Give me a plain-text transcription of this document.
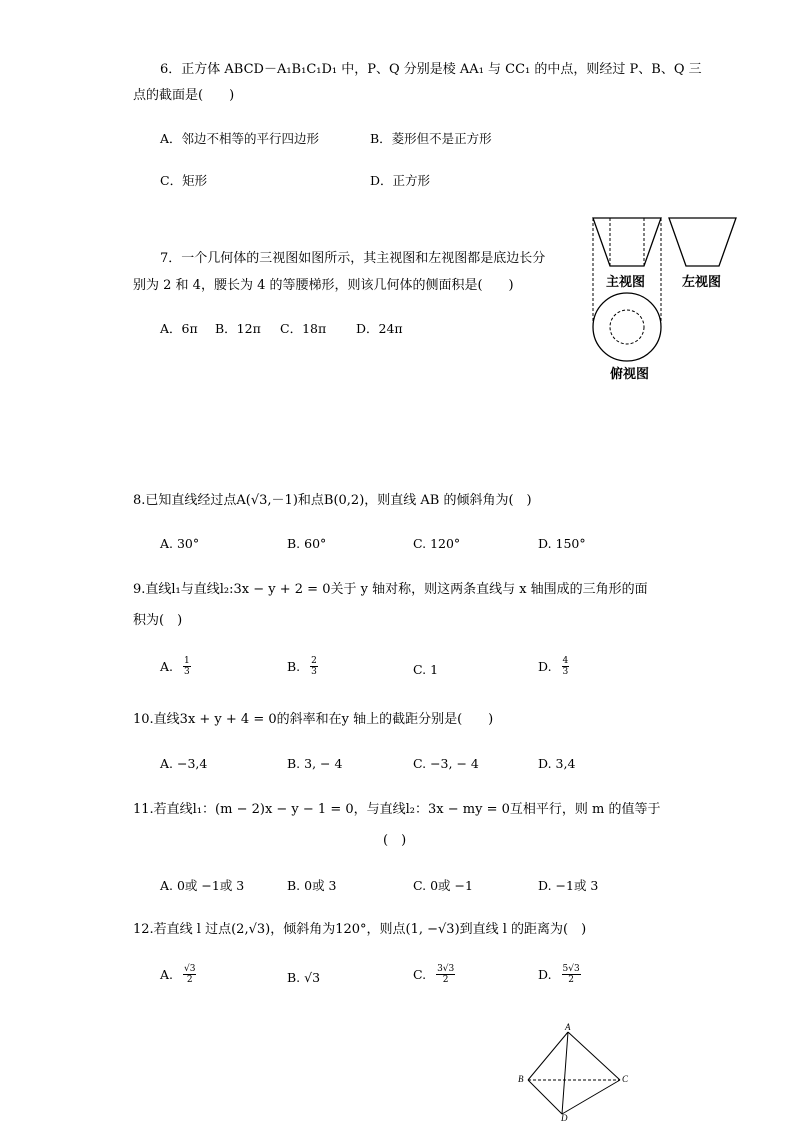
6．正方体 ABCD－A₁B₁C₁D₁ 中，P、Q 分别是棱 AA₁ 与 CC₁ 的中点，则经过 P、B、Q 三
点的截面是(　　)
A．邻边不相等的平行四边形	B．菱形但不是正方形
C．矩形	D．正方形
7．一个几何体的三视图如图所示，其主视图和左视图都是底边长分
别为 2 和 4，腰长为 4 的等腰梯形，则该几何体的侧面积是(　　)
A．6π B．12π C．18π D．24π
主视图	左视图
俯视图
8.已知直线经过点A(√3,－1)和点B(0,2)，则直线 AB 的倾斜角为(　)
A. 30°	B. 60°	C. 120°	D. 150°
9.直线l₁与直线l₂:3x − y + 2 = 0关于 y 轴对称，则这两条直线与 x 轴围成的三角形的面
积为(　)
A. $\frac{1}{3}$	B. $\frac{2}{3}$	C. 1	D. $\frac{4}{3}$
10.直线3x + y + 4 = 0的斜率和在y 轴上的截距分别是(　　)
A. −3,4	B. 3, − 4	C. −3, − 4	D. 3,4
11.若直线l₁：(m − 2)x − y − 1 = 0，与直线l₂：3x − my = 0互相平行，则 m 的值等于
(　)
A. 0或 −1或 3	B. 0或 3	C. 0或 −1	D. −1或 3
12.若直线 l 过点(2,√3)，倾斜角为120°，则点(1, −√3)到直线 l 的距离为(　)
A. $\frac{√3}{2}$	B. √3	C. $\frac{3√3}{2}$	D. $\frac{5√3}{2}$
A
B	C
D
